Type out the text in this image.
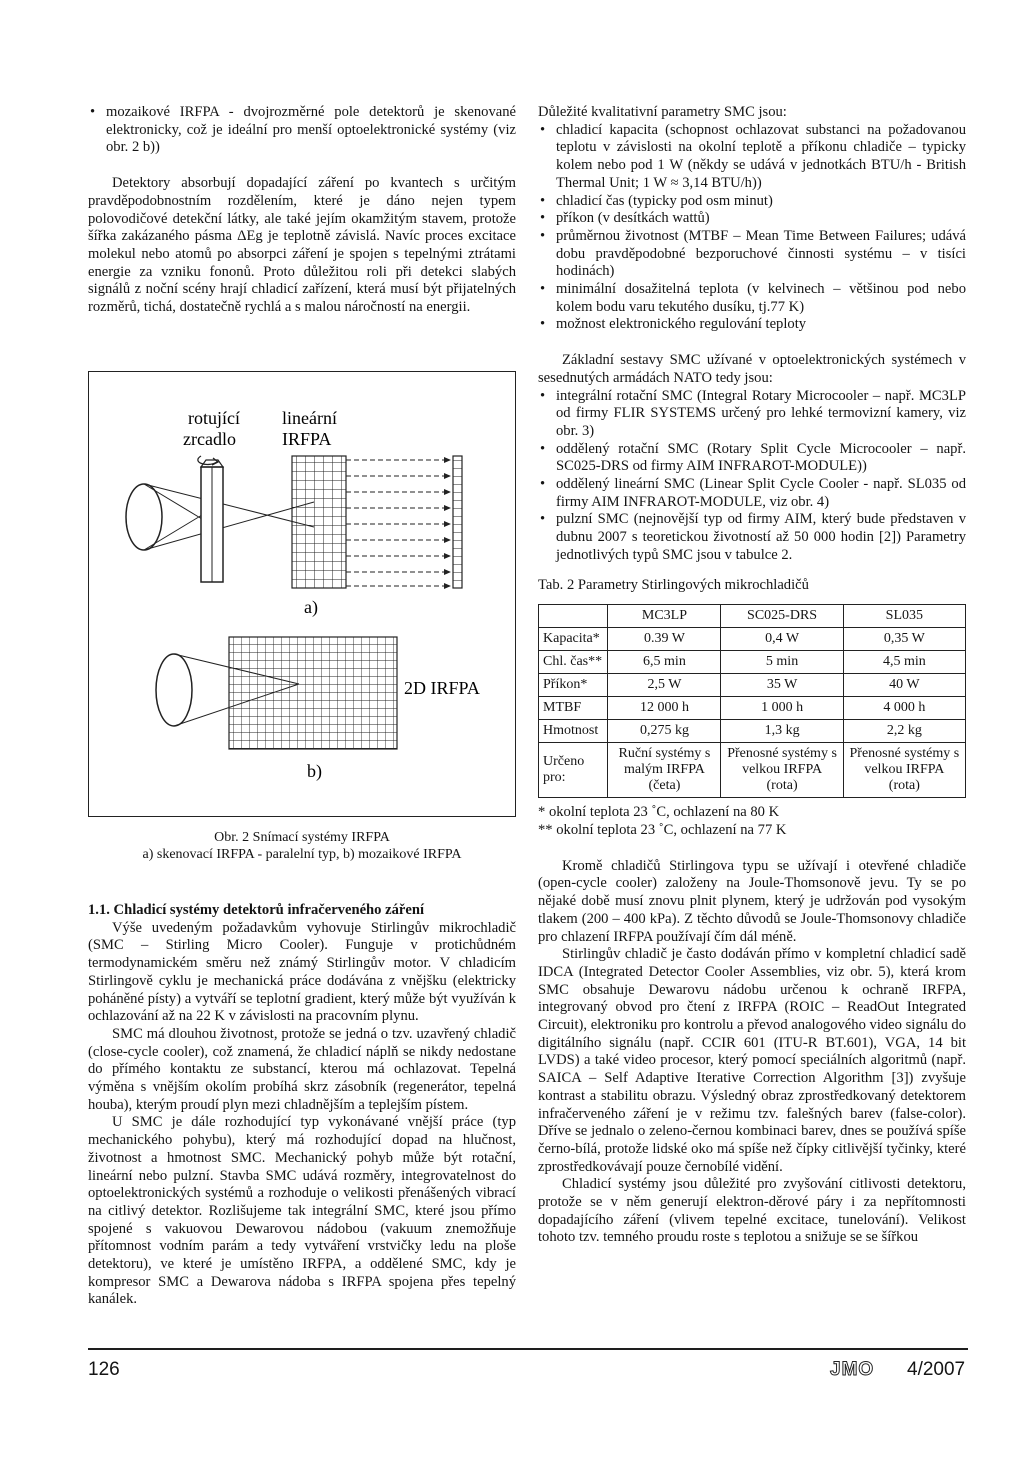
• mozaikové IRFPA - dvojrozměrné pole detektorů je skenované elektronicky, což je ideální pro menší optoelektronické systémy (viz obr. 2 b))

Detektory absorbují dopadající záření po kvantech s určitým pravděpodobnostním rozdělením, které je dáno nejen typem polovodičové detekční látky, ale také jejím okamžitým stavem, protože šířka zakázaného pásma ΔEg je teplotně závislá. Navíc proces excitace molekul nebo atomů po absorpci záření je spojen s tepelnými ztrátami energie za vzniku fononů. Proto důležitou roli při detekci slabých signálů z noční scény hrají chladicí zařízení, která musí být přijatelných rozměrů, tichá, dostatečně rychlá a s malou náročností na energii.

rotující
zrcadlo
lineární
IRFPA
a)
2D IRFPA
b)
Obr. 2 Snímací systémy IRFPA
a) skenovací IRFPA - paralelní typ, b) mozaikové IRFPA

1.1. Chladicí systémy detektorů infračerveného záření

Výše uvedeným požadavkům vyhovuje Stirlingův mikrochladič (SMC – Stirling Micro Cooler). Funguje v protichůdném termodynamickém směru než známý Stirlingův motor. V chladicím Stirlingově cyklu je mechanická práce dodávána z vnějšku (elektricky poháněné písty) a vytváří se teplotní gradient, který může být využíván k ochlazování až na 22 K v závislosti na pracovním plynu.

SMC má dlouhou životnost, protože se jedná o tzv. uzavřený chladič (close-cycle cooler), což znamená, že chladicí náplň se nikdy nedostane do přímého kontaktu ze substancí, kterou má ochlazovat. Tepelná výměna s vnějším okolím probíhá skrz zásobník (regenerátor, tepelná houba), kterým proudí plyn mezi chladnějším a teplejším pístem.

U SMC je dále rozhodující typ vykonávané vnější práce (typ mechanického pohybu), který má rozhodující dopad na hlučnost, životnost a hmotnost SMC. Mechanický pohyb může být rotační, lineární nebo pulzní. Stavba SMC udává rozměry, integrovatelnost do optoelektronických systémů a rozhoduje o velikosti přenášených vibrací na citlivý detektor. Rozlišujeme tak integrální SMC, které jsou přímo spojené s vakuovou Dewarovou nádobou (vakuum znemožňuje přítomnost vodním parám a tedy vytváření vrstvičky ledu na ploše detektoru), ve které je umístěno IRFPA, a oddělené SMC, kdy je kompresor SMC a Dewarova nádoba s IRFPA spojena přes tepelný kanálek.

Důležité kvalitativní parametry SMC jsou:

• chladicí kapacita (schopnost ochlazovat substanci na požadovanou teplotu v závislosti na okolní teplotě a příkonu chladiče – typicky kolem nebo pod 1 W (někdy se udává v jednotkách BTU/h - British Thermal Unit; 1 W ≈ 3,14 BTU/h))
• chladicí čas (typicky pod osm minut)
• příkon (v desítkách wattů)
• průměrnou životnost (MTBF – Mean Time Between Failures; udává dobu pravděpodobné bezporuchové činnosti systému – v tisíci hodinách)
• minimální dosažitelná teplota (v kelvinech – většinou pod nebo kolem bodu varu tekutého dusíku, tj.77 K)
• možnost elektronického regulování teploty

Základní sestavy SMC užívané v optoelektronických systémech v sesednutých armádách NATO tedy jsou:

• integrální rotační SMC (Integral Rotary Microcooler – např. MC3LP od firmy FLIR SYSTEMS určený pro lehké termovizní kamery, viz obr. 3)
• oddělený rotační SMC (Rotary Split Cycle Microcooler – např. SC025-DRS od firmy AIM INFRAROT-MODULE))
• oddělený lineární SMC (Linear Split Cycle Cooler - např. SL035 od firmy AIM INFRAROT-MODULE, viz obr. 4)
• pulzní SMC (nejnovější typ od firmy AIM, který bude představen v dubnu 2007 s teoretickou životností až 50 000 hodin [2]) Parametry jednotlivých typů SMC jsou v tabulce 2.

Tab. 2 Parametry Stirlingových mikrochladičů

	MC3LP	SC025-DRS	SL035
Kapacita*	0.39 W	0,4 W	0,35 W
Chl. čas**	6,5 min	5 min	4,5 min
Příkon*	2,5 W	35 W	40 W
MTBF	12 000 h	1 000 h	4 000 h
Hmotnost	0,275 kg	1,3 kg	2,2 kg
Určeno pro:	Ruční systémy s malým IRFPA (četa)	Přenosné systémy s velkou IRFPA (rota)	Přenosné systémy s velkou IRFPA (rota)
* okolní teplota 23 ˚C, ochlazení na 80 K
** okolní teplota 23 ˚C, ochlazení na 77 K

Kromě chladičů Stirlingova typu se užívají i otevřené chladiče (open-cycle cooler) založeny na Joule-Thomsonově jevu. Ty se po nějaké době musí znovu plnit plynem, který je udržován pod vysokým tlakem (200 – 400 kPa). Z těchto důvodů se Joule-Thomsonovy chladiče pro chlazení IRFPA používají čím dál méně.

Stirlingův chladič je často dodáván přímo v kompletní chladicí sadě IDCA (Integrated Detector Cooler Assemblies, viz obr. 5), která krom SMC obsahuje Dewarovu nádobu určenou k ochraně IRFPA, integrovaný obvod pro čtení z IRFPA (ROIC – ReadOut Integrated Circuit), elektroniku pro kontrolu a převod analogového video signálu do digitálního signálu (např. CCIR 601 (ITU-R BT.601), VGA, 14 bit LVDS) a také video procesor, který pomocí speciálních algoritmů (např. SAICA – Self Adaptive Iterative Correction Algorithm [3]) zvyšuje kontrast a stabilitu obrazu. Výsledný obraz zprostředkovaný detektorem infračerveného záření je v režimu tzv. falešných barev (false-color). Dříve se jednalo o zeleno-černou kombinaci barev, dnes se používá spíše černo-bílá, protože lidské oko má spíše než čípky citlivější tyčinky, které zprostředkovávají pouze černobílé vidění.

Chladicí systémy jsou důležité pro zvyšování citlivosti detektoru, protože se v něm generují elektron-děrové páry i za nepřítomnosti dopadajícího záření (vlivem tepelné excitace, tunelování). Velikost tohoto tzv. temného proudu roste s teplotou a snižuje se se šířkou

126	JMO 4/2007
